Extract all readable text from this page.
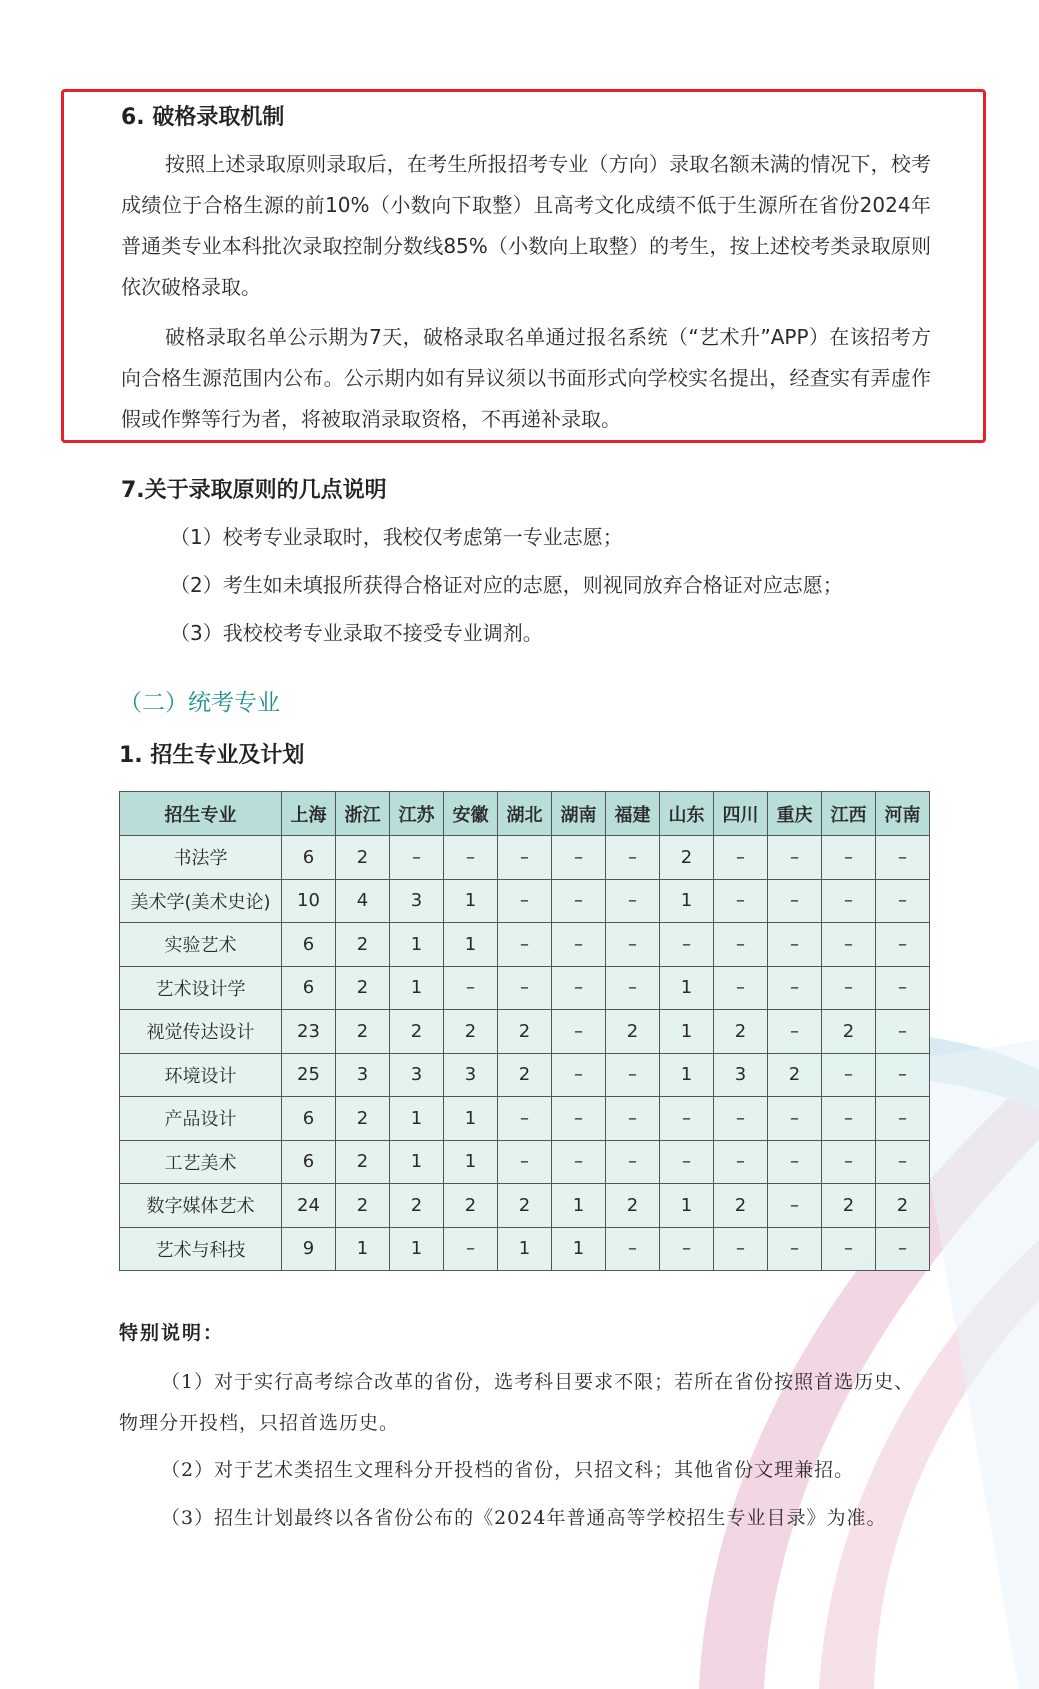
6. 破格录取机制

按照上述录取原则录取后，在考生所报招考专业（方向）录取名额未满的情况下，校考成绩位于合格生源的前10%（小数向下取整）且高考文化成绩不低于生源所在省份2024年普通类专业本科批次录取控制分数线85%（小数向上取整）的考生，按上述校考类录取原则依次破格录取。

破格录取名单公示期为7天，破格录取名单通过报名系统（“艺术升”APP）在该招考方向合格生源范围内公布。公示期内如有异议须以书面形式向学校实名提出，经查实有弄虚作假或作弊等行为者，将被取消录取资格，不再递补录取。

7.关于录取原则的几点说明
（1）校考专业录取时，我校仅考虑第一专业志愿；
（2）考生如未填报所获得合格证对应的志愿，则视同放弃合格证对应志愿；
（3）我校校考专业录取不接受专业调剂。
（二）统考专业
1. 招生专业及计划
招生专业	上海	浙江	江苏	安徽	湖北	湖南	福建	山东	四川	重庆	江西	河南
书法学	6	2	–	–	–	–	–	2	–	–	–	–
美术学(美术史论)	10	4	3	1	–	–	–	1	–	–	–	–
实验艺术	6	2	1	1	–	–	–	–	–	–	–	–
艺术设计学	6	2	1	–	–	–	–	1	–	–	–	–
视觉传达设计	23	2	2	2	2	–	2	1	2	–	2	–
环境设计	25	3	3	3	2	–	–	1	3	2	–	–
产品设计	6	2	1	1	–	–	–	–	–	–	–	–
工艺美术	6	2	1	1	–	–	–	–	–	–	–	–
数字媒体艺术	24	2	2	2	2	1	2	1	2	–	2	2
艺术与科技	9	1	1	–	1	1	–	–	–	–	–	–
特别说明：

（1）对于实行高考综合改革的省份，选考科目要求不限；若所在省份按照首选历史、物理分开投档，只招首选历史。

（2）对于艺术类招生文理科分开投档的省份，只招文科；其他省份文理兼招。

（3）招生计划最终以各省份公布的《2024年普通高等学校招生专业目录》为准。
